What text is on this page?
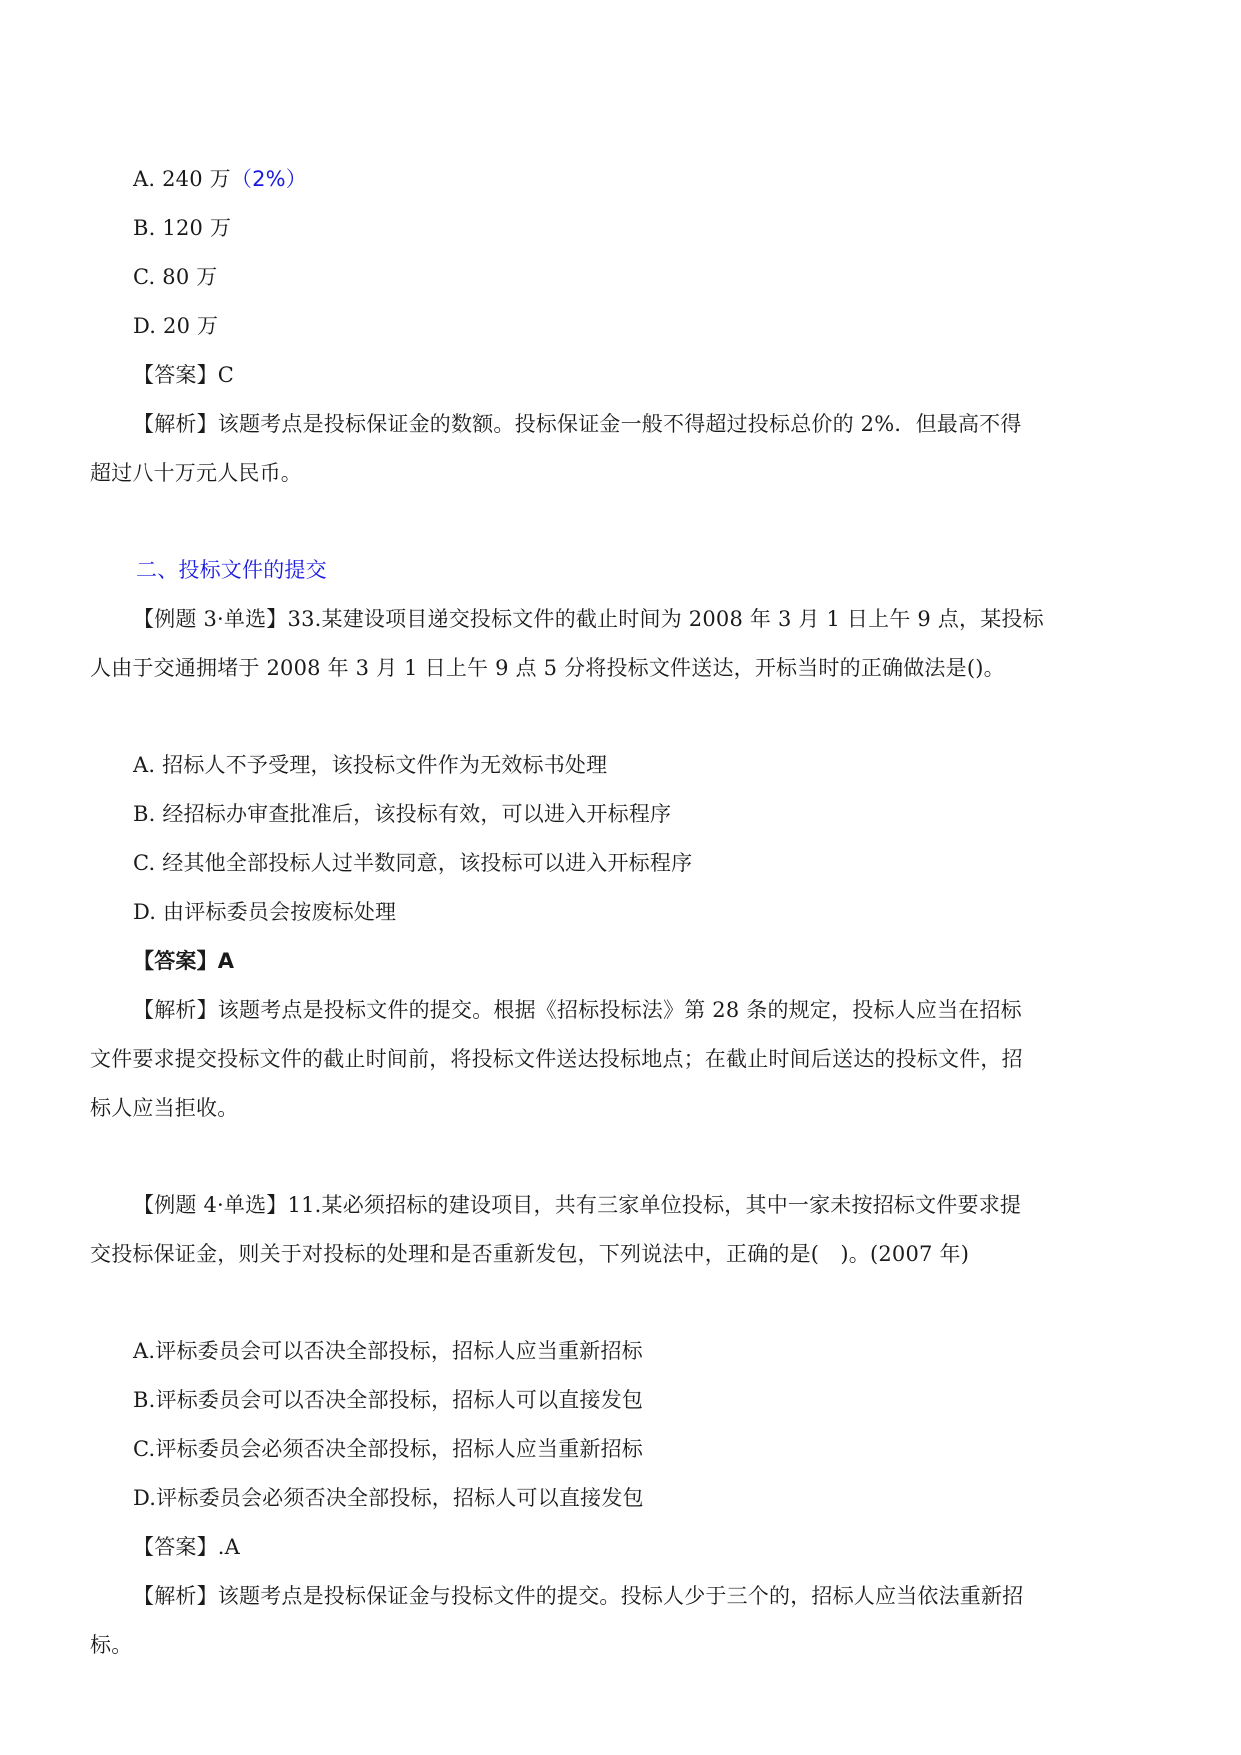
A. 240 万（2%）
B. 120 万
C. 80 万
D. 20 万
【答案】C
【解析】该题考点是投标保证金的数额。投标保证金一般不得超过投标总价的 2%．但最高不得
超过八十万元人民币。
二、投标文件的提交
【例题 3·单选】33.某建设项目递交投标文件的截止时间为 2008 年 3 月 1 日上午 9 点，某投标
人由于交通拥堵于 2008 年 3 月 1 日上午 9 点 5 分将投标文件送达，开标当时的正确做法是()。
A. 招标人不予受理，该投标文件作为无效标书处理
B. 经招标办审查批准后，该投标有效，可以进入开标程序
C. 经其他全部投标人过半数同意，该投标可以进入开标程序
D. 由评标委员会按废标处理
【答案】A
【解析】该题考点是投标文件的提交。根据《招标投标法》第 28 条的规定，投标人应当在招标
文件要求提交投标文件的截止时间前，将投标文件送达投标地点；在截止时间后送达的投标文件，招
标人应当拒收。
【例题 4·单选】11.某必须招标的建设项目，共有三家单位投标，其中一家未按招标文件要求提
交投标保证金，则关于对投标的处理和是否重新发包，下列说法中，正确的是(　)。(2007 年)
A.评标委员会可以否决全部投标，招标人应当重新招标
B.评标委员会可以否决全部投标，招标人可以直接发包
C.评标委员会必须否决全部投标，招标人应当重新招标
D.评标委员会必须否决全部投标，招标人可以直接发包
【答案】.A
【解析】该题考点是投标保证金与投标文件的提交。投标人少于三个的，招标人应当依法重新招
标。
